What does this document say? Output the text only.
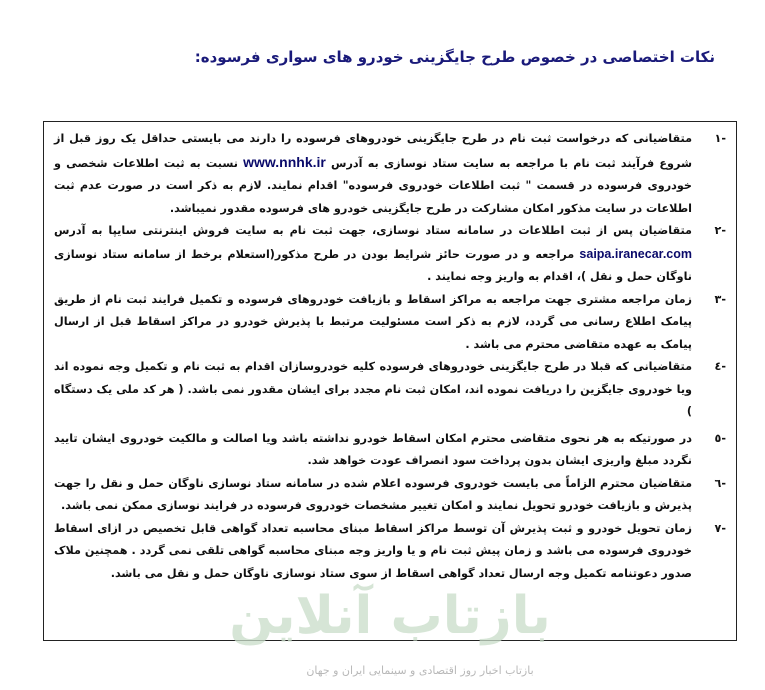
نکات اختصاصی در خصوص طرح جایگزینی خودرو های سواری فرسوده:

-١
متقاضیانی که درخواست ثبت نام در طرح جایگزینی خودروهای فرسوده را دارند می بایستی حداقل یک روز قبل از شروع فرآیند ثبت نام با مراجعه به سایت ستاد نوسازی به آدرس www.nnhk.ir نسبت به ثبت اطلاعات شخصی و خودروی فرسوده در قسمت " ثبت اطلاعات خودروی فرسوده" اقدام نمایند. لازم به ذکر است در صورت عدم ثبت اطلاعات در سایت مذکور امکان مشارکت در طرح جایگزینی خودرو های فرسوده مقدور نمیباشد.

-٢
متقاضیان پس از ثبت اطلاعات در سامانه ستاد نوسازی، جهت ثبت نام به سایت فروش اینترنتی سایپا به آدرس saipa.iranecar.com مراجعه و در صورت حائز شرایط بودن در طرح مذکور(استعلام برخط از سامانه ستاد نوسازی ناوگان حمل و نقل )، اقدام به واریز وجه نمایند .

-٣
زمان مراجعه مشتری جهت مراجعه به مراکز اسقاط و بازیافت خودروهای فرسوده و تکمیل فرایند ثبت نام از طریق پیامک اطلاع رسانی می گردد، لازم به ذکر است مسئولیت مرتبط با پذیرش خودرو در مراکز اسقاط قبل از ارسال پیامک به عهده متقاضی محترم می باشد .

-٤
متقاضیانی که قبلا در طرح جایگزینی خودروهای فرسوده کلیه خودروسازان اقدام به ثبت نام و تکمیل وجه نموده اند ویا خودروی جایگزین را دریافت نموده اند، امکان ثبت نام مجدد برای ایشان مقدور نمی باشد. ( هر کد ملی یک دستگاه )

-٥
در صورتیکه به هر نحوی متقاضی محترم امکان اسقاط خودرو نداشته باشد ویا اصالت و مالکیت خودروی ایشان تایید نگردد مبلغ واریزی ایشان بدون پرداخت سود انصراف عودت خواهد شد.

-٦
متقاضیان محترم الزاماً می بایست خودروی فرسوده اعلام شده در سامانه ستاد نوسازی ناوگان حمل و نقل را جهت پذیرش و بازیافت خودرو تحویل نمایند و امکان تغییر مشخصات خودروی فرسوده در فرایند نوسازی ممکن نمی باشد.

-٧
زمان تحویل خودرو و ثبت پذیرش آن توسط مراکز اسقاط مبنای محاسبه تعداد گواهی قابل تخصیص در ازای اسقاط خودروی فرسوده می باشد و زمان پیش ثبت نام و یا واریز وجه مبنای محاسبه گواهی تلقی نمی گردد . همچنین ملاک صدور دعوتنامه تکمیل وجه ارسال تعداد گواهی اسقاط از سوی ستاد نوسازی ناوگان حمل و نقل می باشد.

بازتاب آنلاین
بازتاب اخبار روز اقتصادی و سینمایی ایران و جهان
